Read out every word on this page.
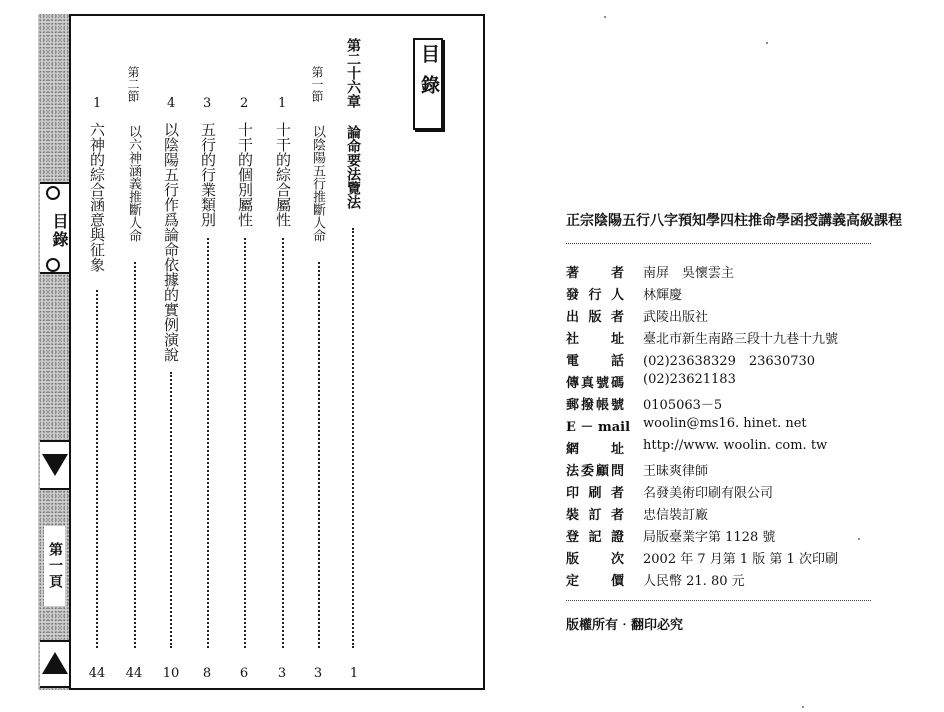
目錄
第一頁
目錄
第二十六章
論命要法覽法
1
第一節
以陰陽五行推斷人命
3
1
十干的綜合屬性
3
2
十干的個別屬性
6
3
五行的行業類別
8
4
以陰陽五行作爲論命依據的實例演說
10
第二節
以六神涵義推斷人命
44
1
六神的綜合涵意與征象
44
正宗陰陽五行八字預知學四柱推命學函授講義高級課程
著　　者 南屏　吳懷雲主
發 行 人 林輝慶
出 版 者 武陵出版社
社　　址 臺北市新生南路三段十九巷十九號
電　　話 (02)23638329　23630730
傳真號碼 (02)23621183
郵撥帳號 0105063－5
E － mail woolin@ms16. hinet. net
網　　址 http://www. woolin. com. tw
法委顧問 王昧爽律師
印 刷 者 名發美術印刷有限公司
裝 訂 者 忠信裝訂廠
登 記 證 局版臺業字第 1128 號
版　　次 2002 年 7 月第 1 版 第 1 次印刷
定　　價 人民幣 21. 80 元
版權所有‧翻印必究
